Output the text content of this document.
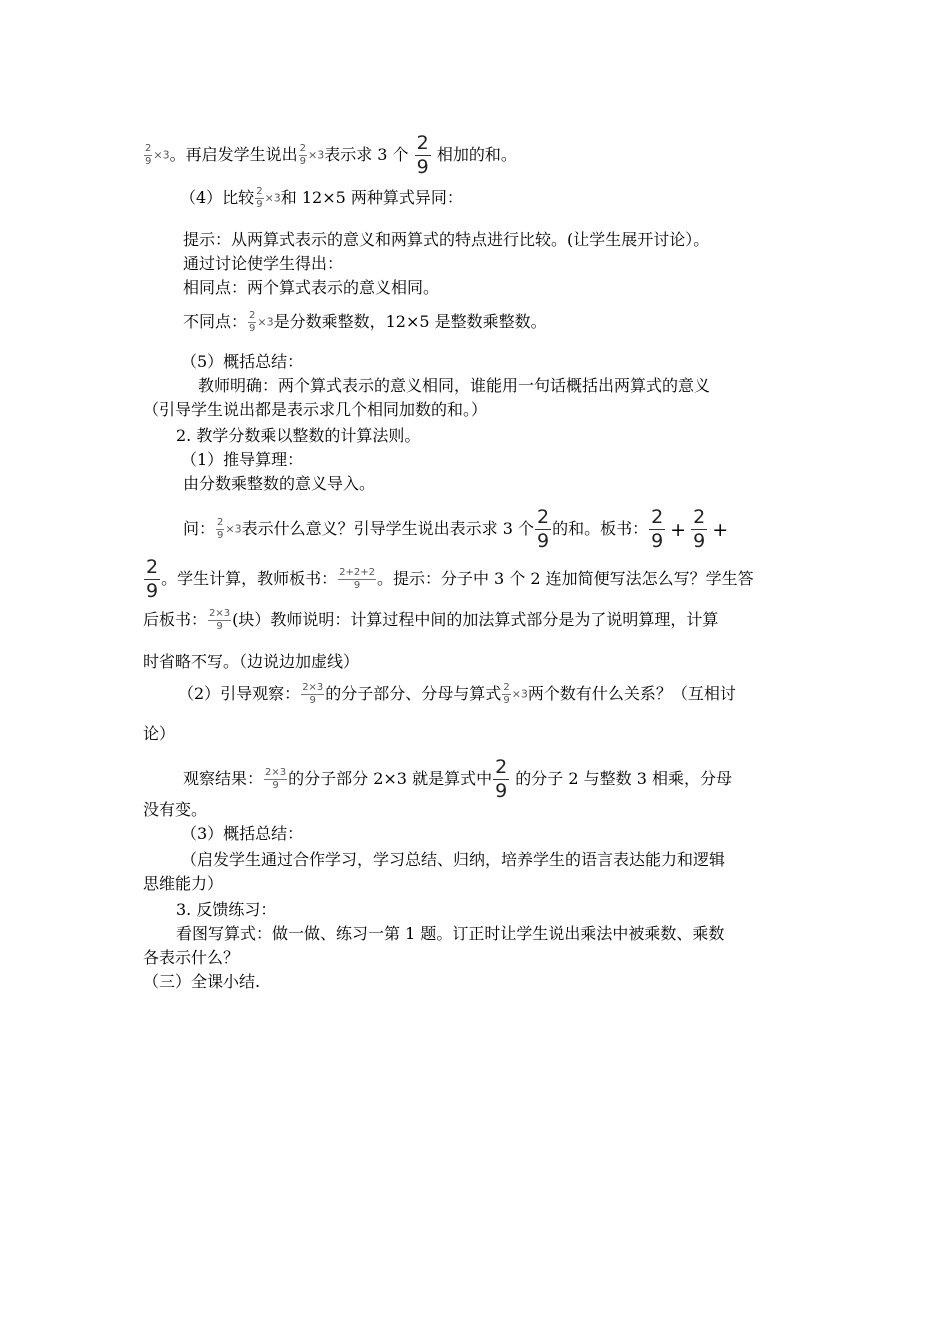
$\frac{2}{9} \times 3$。再启发学生说出 $\frac{2}{9} \times 3$表示求 3 个 $\frac{2}{9}$ 相加的和。
（4）比较 $\frac{2}{9} \times 3$和 12×5 两种算式异同：
提示：从两算式表示的意义和两算式的特点进行比较。(让学生展开讨论）。
通过讨论使学生得出：
相同点：两个算式表示的意义相同。
不同点： $\frac{2}{9} \times 3$是分数乘整数，12×5 是整数乘整数。
（5）概括总结：
教师明确：两个算式表示的意义相同，谁能用一句话概括出两算式的意义
（引导学生说出都是表示求几个相同加数的和。）
2. 教学分数乘以整数的计算法则。
（1）推导算理：
由分数乘整数的意义导入。
问： $\frac{2}{9} \times 3$表示什么意义？引导学生说出表示求 3 个 $\frac{2}{9}$ 的和。板书： $\frac{2}{9} + \frac{2}{9}$ +
$\frac{2}{9}$ 。学生计算，教师板书： $\frac{2+2+2}{9}$ 。提示：分子中 3 个 2 连加简便写法怎么写？学生答
后板书： $\frac{2\times 3}{9}$ (块）教师说明：计算过程中间的加法算式部分是为了说明算理，计算
时省略不写。（边说边加虚线）
（2）引导观察： $\frac{2\times 3}{9}$ 的分子部分、分母与算式 $\frac{2}{9} \times 3$两个数有什么关系？（互相讨
论）
观察结果： $\frac{2\times 3}{9}$ 的分子部分 2×3 就是算式中 $\frac{2}{9}$ 的分子 2 与整数 3 相乘，分母
没有变。
（3）概括总结：
（启发学生通过合作学习，学习总结、归纳，培养学生的语言表达能力和逻辑
思维能力）
3. 反馈练习：
看图写算式：做一做、练习一第 1 题。订正时让学生说出乘法中被乘数、乘数
各表示什么？
（三）全课小结.
